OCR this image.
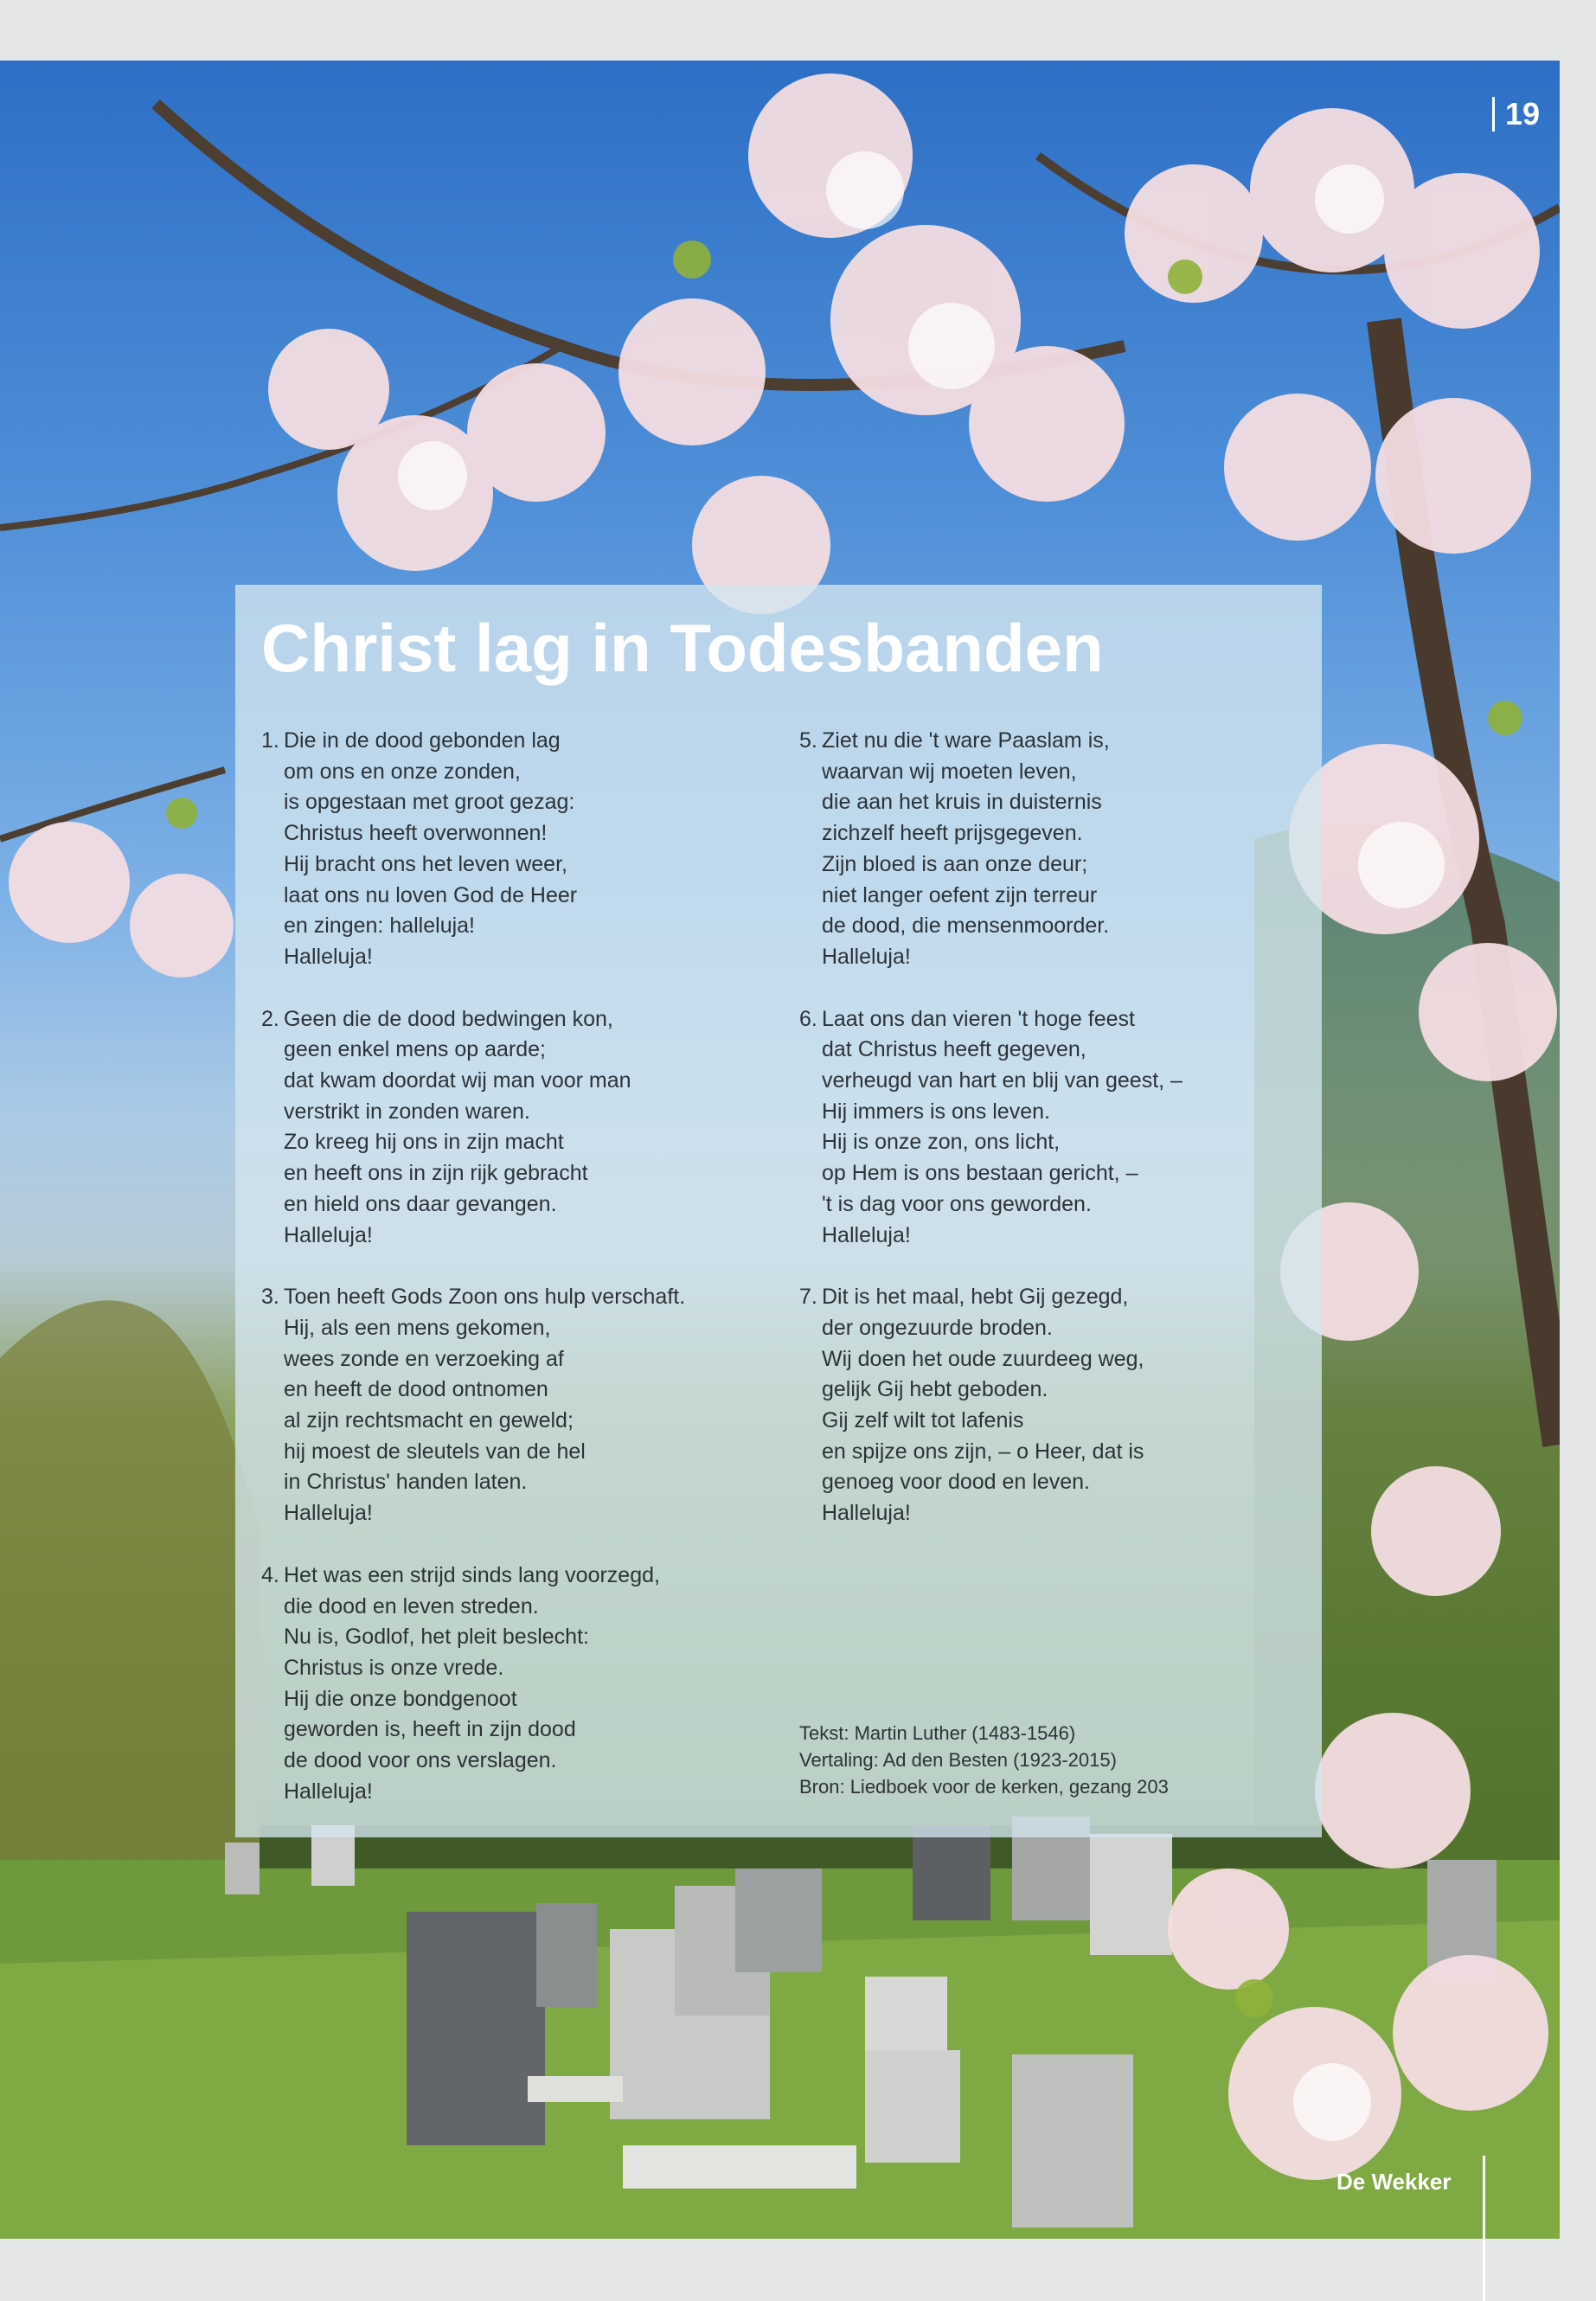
19
Christ lag in Todesbanden
1. Die in de dood gebonden lag
om ons en onze zonden,
is opgestaan met groot gezag:
Christus heeft overwonnen!
Hij bracht ons het leven weer,
laat ons nu loven God de Heer
en zingen: halleluja!
Halleluja!
2. Geen die de dood bedwingen kon,
geen enkel mens op aarde;
dat kwam doordat wij man voor man
verstrikt in zonden waren.
Zo kreeg hij ons in zijn macht
en heeft ons in zijn rijk gebracht
en hield ons daar gevangen.
Halleluja!
3. Toen heeft Gods Zoon ons hulp verschaft.
Hij, als een mens gekomen,
wees zonde en verzoeking af
en heeft de dood ontnomen
al zijn rechtsmacht en geweld;
hij moest de sleutels van de hel
in Christus' handen laten.
Halleluja!
4. Het was een strijd sinds lang voorzegd,
die dood en leven streden.
Nu is, Godlof, het pleit beslecht:
Christus is onze vrede.
Hij die onze bondgenoot
geworden is, heeft in zijn dood
de dood voor ons verslagen.
Halleluja!
5. Ziet nu die 't ware Paaslam is,
waarvan wij moeten leven,
die aan het kruis in duisternis
zichzelf heeft prijsgegeven.
Zijn bloed is aan onze deur;
niet langer oefent zijn terreur
de dood, die mensenmoorder.
Halleluja!
6. Laat ons dan vieren 't hoge feest
dat Christus heeft gegeven,
verheugd van hart en blij van geest, –
Hij immers is ons leven.
Hij is onze zon, ons licht,
op Hem is ons bestaan gericht, –
't is dag voor ons geworden.
Halleluja!
7. Dit is het maal, hebt Gij gezegd,
der ongezuurde broden.
Wij doen het oude zuurdeeg weg,
gelijk Gij hebt geboden.
Gij zelf wilt tot lafenis
en spijze ons zijn, – o Heer, dat is
genoeg voor dood en leven.
Halleluja!
Tekst: Martin Luther (1483-1546)
Vertaling: Ad den Besten (1923-2015)
Bron: Liedboek voor de kerken, gezang 203
De Wekker
